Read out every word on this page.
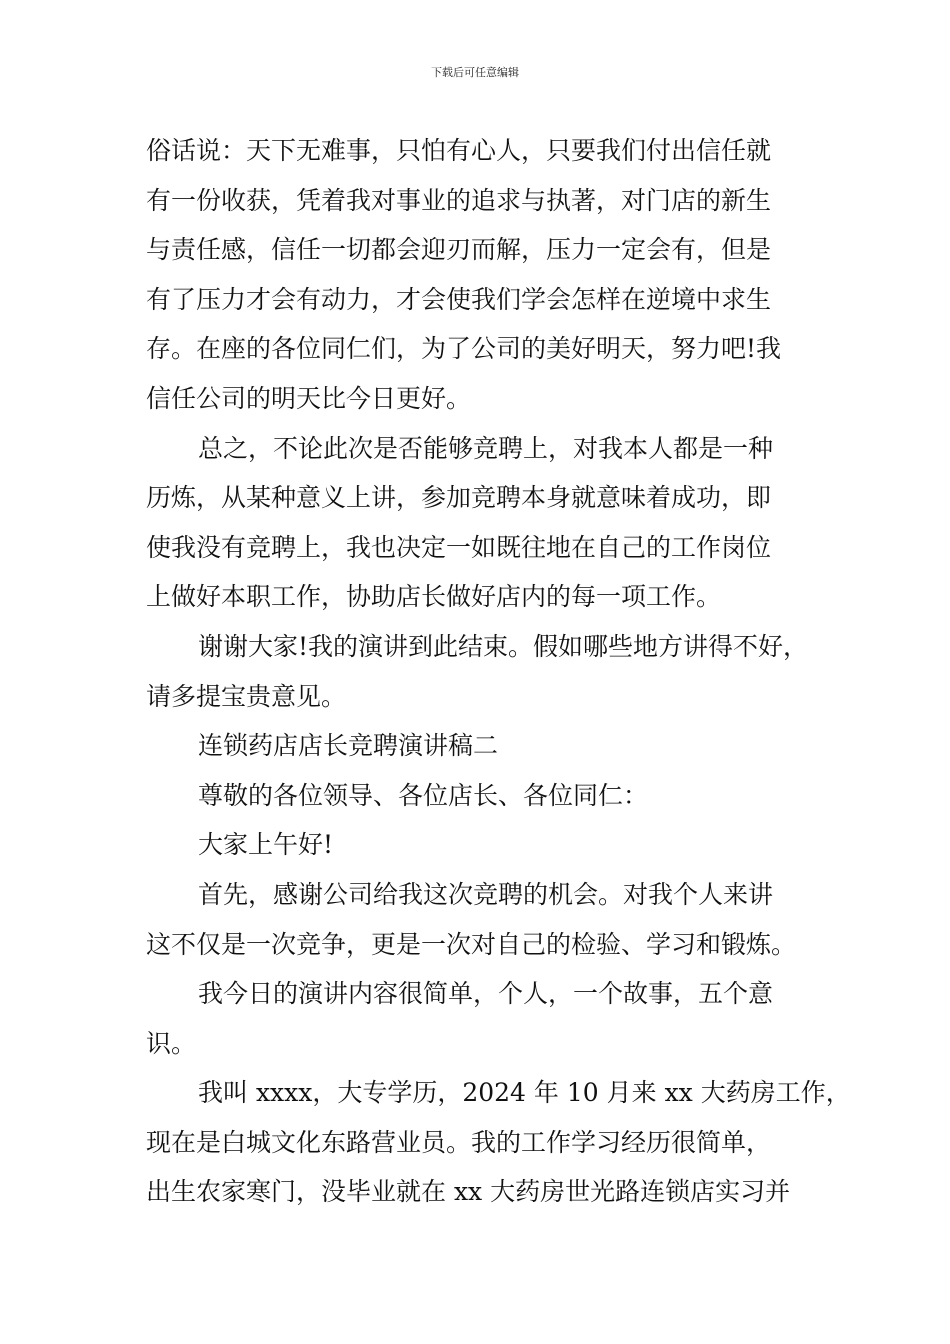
下载后可任意编辑
俗话说：天下无难事，只怕有心人，只要我们付出信任就
有一份收获，凭着我对事业的追求与执著，对门店的新生
与责任感，信任一切都会迎刃而解，压力一定会有，但是
有了压力才会有动力，才会使我们学会怎样在逆境中求生
存。在座的各位同仁们，为了公司的美好明天，努力吧!我
信任公司的明天比今日更好。
总之，不论此次是否能够竞聘上，对我本人都是一种
历炼，从某种意义上讲，参加竞聘本身就意味着成功，即
使我没有竞聘上，我也决定一如既往地在自己的工作岗位
上做好本职工作，协助店长做好店内的每一项工作。
谢谢大家!我的演讲到此结束。假如哪些地方讲得不好，
请多提宝贵意见。
连锁药店店长竞聘演讲稿二
尊敬的各位领导、各位店长、各位同仁：
大家上午好!
首先，感谢公司给我这次竞聘的机会。对我个人来讲
这不仅是一次竞争，更是一次对自己的检验、学习和锻炼。
我今日的演讲内容很简单，个人，一个故事，五个意
识。
我叫 xxxx，大专学历，2024 年 10 月来 xx 大药房工作，
现在是白城文化东路营业员。我的工作学习经历很简单，
出生农家寒门，没毕业就在 xx 大药房世光路连锁店实习并
